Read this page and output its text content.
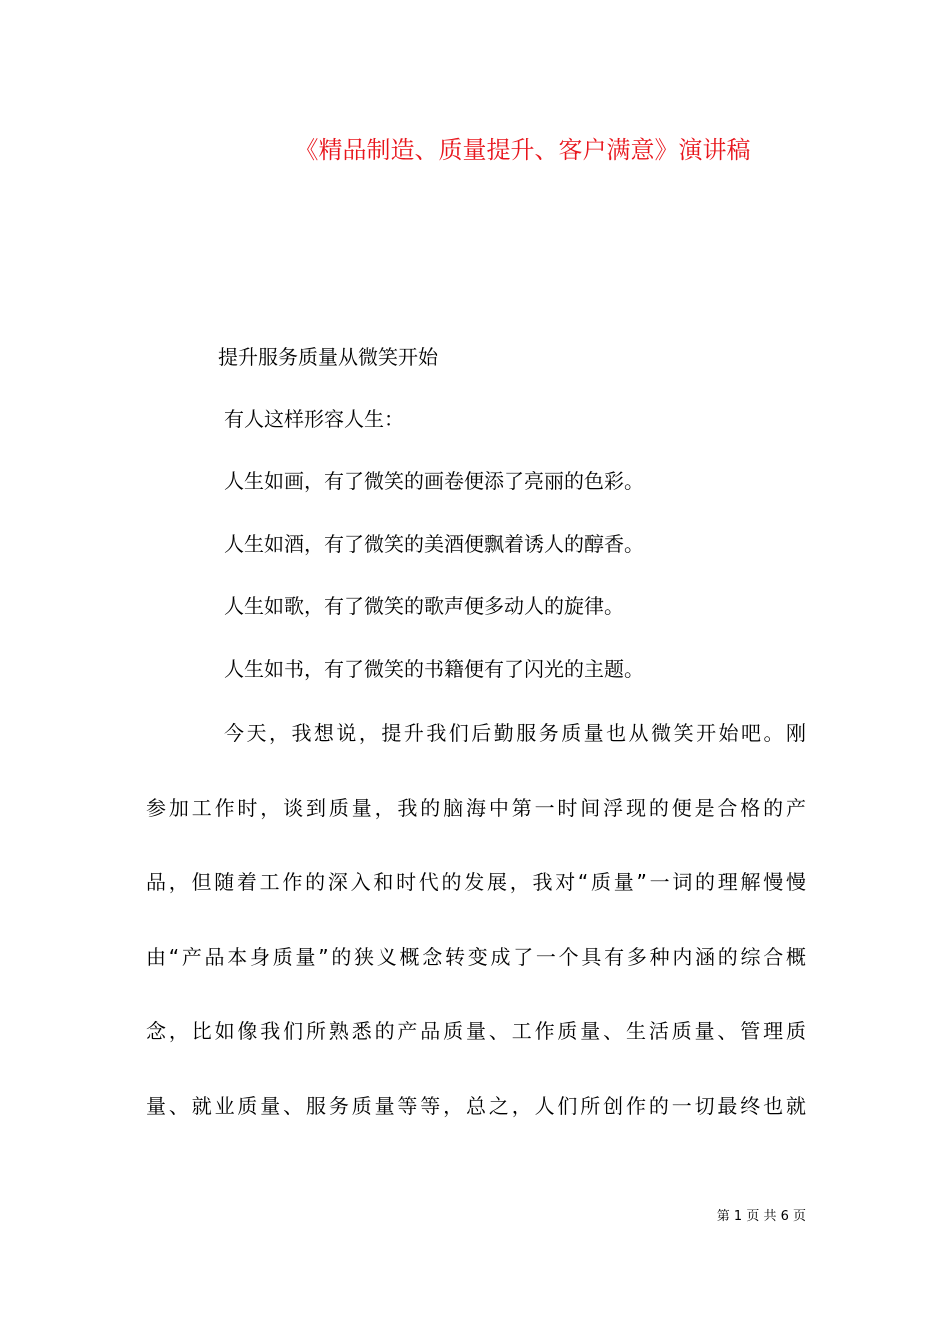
《精品制造、质量提升、客户满意》演讲稿
提升服务质量从微笑开始
有人这样形容人生：
人生如画，有了微笑的画卷便添了亮丽的色彩。
人生如酒，有了微笑的美酒便飘着诱人的醇香。
人生如歌，有了微笑的歌声便多动人的旋律。
人生如书，有了微笑的书籍便有了闪光的主题。
今天，我想说，提升我们后勤服务质量也从微笑开始吧。刚
参加工作时，谈到质量，我的脑海中第一时间浮现的便是合格的产
品，但随着工作的深入和时代的发展，我对“质量”一词的理解慢慢
由“产品本身质量”的狭义概念转变成了一个具有多种内涵的综合概
念，比如像我们所熟悉的产品质量、工作质量、生活质量、管理质
量、就业质量、服务质量等等，总之，人们所创作的一切最终也就
第 1 页 共 6 页
